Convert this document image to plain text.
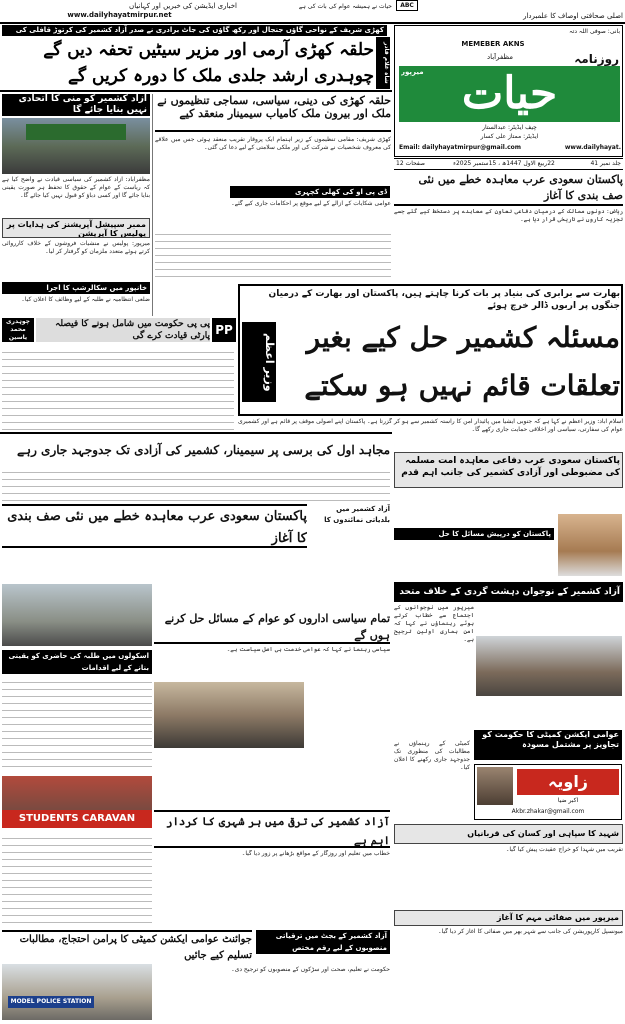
اخباری ایڈیشن کی خبریں اور کہانیاں
www.dailyhayatmirpur.net
ABC
اصلی صحافتی اوصاف کا علمبردار
حیات نے ہمیشہ عوام کی بات کی ہے
کھڑی شریف کے نواحی گاؤں جنجال اور رکھ گاؤں کی جاٹ برادری نے صدر آزاد کشمیر کی کرتوڑ قافلی کی
حلقہ کھڑی آرمی اور مزیر سیٹیں تحفہ دیں گے چوہدری ارشد جلدی ملک کا دورہ کریں گے	شاہ غلام قادر
بانی: صوفی اللہ دتہ
روزنامہ
مظفرآباد
MEMEBER AKNS
حیات
میرپور
چیف ایڈیٹر: عبدالستار
ایڈیٹر: ممتاز علی کسار
Email: dailyhayatmirpur@gmail.com	www.dailyhayat.
جلد نمبر 41
22ربیع الاول 1447ھ ، 15ستمبر 2025ء
صفحات 12
آزاد کشمیر کو منی کا اتحادی نہیں بنایا جائے گا
مظفرآباد: آزاد کشمیر کی سیاسی قیادت نے واضح کیا ہے کہ ریاست کے عوام کے حقوق کا تحفظ ہر صورت یقینی بنایا جائے گا اور کسی دباؤ کو قبول نہیں کیا جائے گا۔
ممبر سپیشل آپریشنز کی ہدایات پر پولیس کا آپریشن
میرپور: پولیس نے منشیات فروشوں کے خلاف کارروائی کرتے ہوئے متعدد ملزمان کو گرفتار کر لیا۔
خانپور میں سکالرشپ کا اجرا
ضلعی انتظامیہ نے طلبہ کے لیے وظائف کا اعلان کیا۔
حلقہ کھڑی کی دینی، سیاسی، سماجی تنظیموں نے ملک اور بیرون ملک کامیاب سیمینار منعقد کیے
کھڑی شریف: مقامی تنظیموں کے زیر اہتمام ایک پروقار تقریب منعقد ہوئی جس میں علاقے کی معروف شخصیات نے شرکت کی اور ملکی سلامتی کے لیے دعا کی گئی۔
ڈی پی او کی کھلی کچہری
عوامی شکایات کے ازالے کے لیے موقع پر احکامات جاری کیے گئے۔
پاکستان سعودی عرب معاہدہ خطے میں نئی صف بندی کا آغاز
ریاض: دونوں ممالک کے درمیان دفاعی تعاون کے معاہدے پر دستخط کیے گئے جسے تجزیہ کاروں نے تاریخی قرار دیا ہے۔
بھارت سے برابری کی بنیاد پر بات کرنا چاہتے ہیں، پاکستان اور بھارت کے درمیان جنگوں پر اربوں ڈالر خرچ ہوئے
مسئلہ کشمیر حل کیے بغیر
تعلقات قائم نہیں ہو سکتے
وزیر اعظم
اسلام آباد: وزیر اعظم نے کہا ہے کہ جنوبی ایشیا میں پائیدار امن کا راستہ کشمیر سے ہو کر گزرتا ہے۔ پاکستان اپنے اصولی موقف پر قائم ہے اور کشمیری عوام کی سفارتی، سیاسی اور اخلاقی حمایت جاری رکھے گا۔
PP
پی پی حکومت میں شامل ہونے کا فیصلہ پارٹی قیادت کرے گی
چوہدری محمد یاسین
مجاہد اول کی برسی پر سیمینار، کشمیر کی آزادی تک جدوجہد جاری رہے
پاکستان سعودی عرب دفاعی معاہدہ امت مسلمہ کی مضبوطی اور آزادی کشمیر کی جانب اہم قدم
پاکستان سعودی عرب معاہدہ خطے میں نئی صف بندی کا آغاز
آزاد کشمیر میں بلدیاتی نمائندوں کا
پاکستان کو درپیش مسائل کا حل
آزاد کشمیر کے نوجوان دہشت گردی کے خلاف متحد
میرپور میں نوجوانوں کے اجتماع سے خطاب کرتے ہوئے رہنماؤں نے کہا کہ امن ہماری اولین ترجیح ہے۔
تمام سیاسی اداروں کو عوام کے مسائل حل کرنے ہوں گے
سیاسی رہنما نے کہا کہ عوامی خدمت ہی اصل سیاست ہے۔
اسکولوں میں طلبہ کی حاضری کو یقینی بنانے کے لیے اقدامات
STUDENTS CARAVAN
زاویہ
اکبر ضیا
Akbr.zhakar@gmail.com
عوامی ایکشن کمیٹی کا حکومت کو تجاویز پر مشتمل مسودہ
کمیٹی کے رہنماؤں نے مطالبات کی منظوری تک جدوجہد جاری رکھنے کا اعلان کیا۔
آزاد کشمیر کی ترقی میں ہر شہری کا کردار اہم ہے
خطاب میں تعلیم اور روزگار کے مواقع بڑھانے پر زور دیا گیا۔
شہید کا سپاہی اور کسان کی قربانیاں
تقریب میں شہدا کو خراج عقیدت پیش کیا گیا۔
جوائنٹ عوامی ایکشن کمیٹی کا پرامن احتجاج، مطالبات تسلیم کیے جائیں
MODEL POLICE STATION
آزاد کشمیر کے بجٹ میں ترقیاتی منصوبوں کے لیے رقم مختص
حکومت نے تعلیم، صحت اور سڑکوں کے منصوبوں کو ترجیح دی۔
میرپور میں صفائی مہم کا آغاز
میونسپل کارپوریشن کی جانب سے شہر بھر میں صفائی کا آغاز کر دیا گیا۔
